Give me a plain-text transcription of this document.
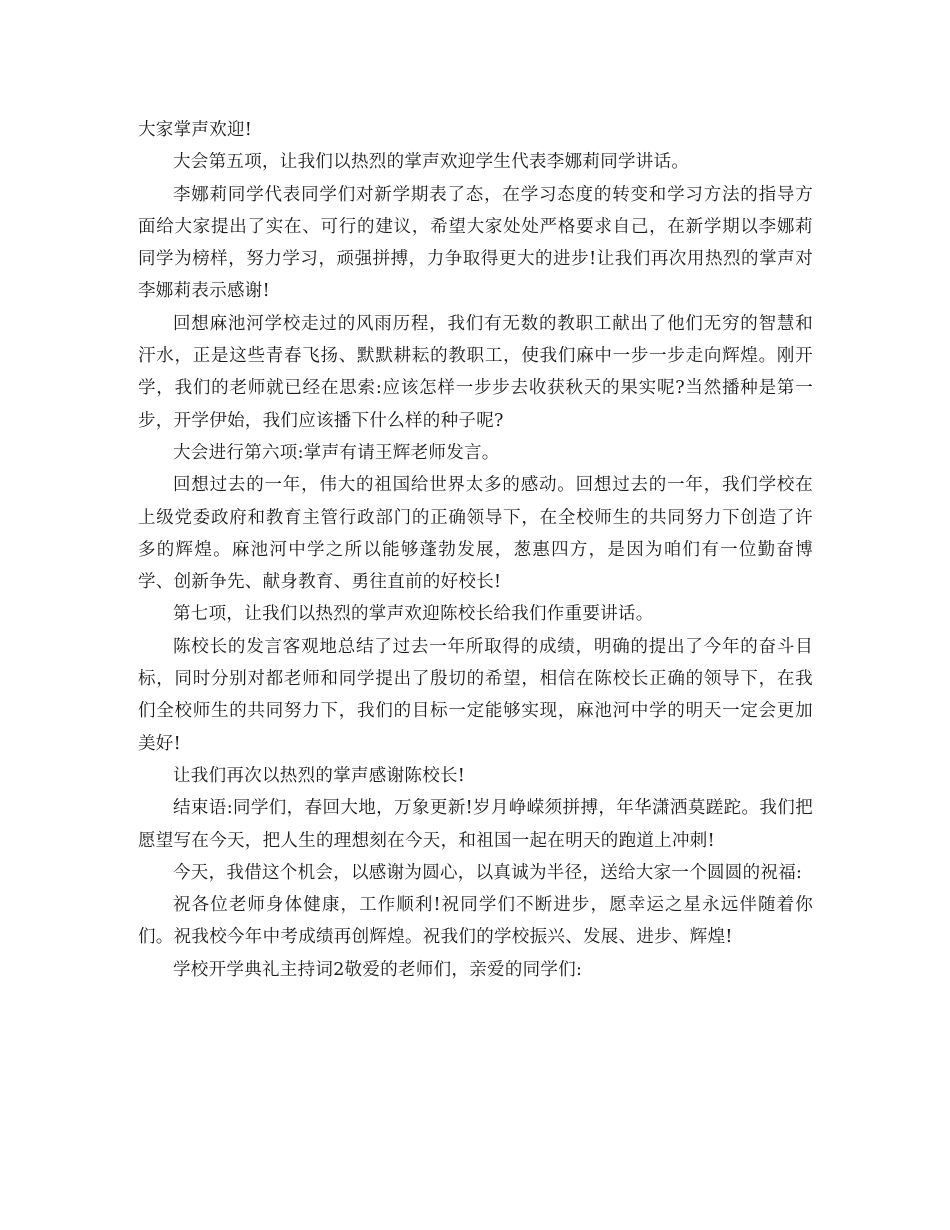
大家掌声欢迎!

大会第五项，让我们以热烈的掌声欢迎学生代表李娜莉同学讲话。

李娜莉同学代表同学们对新学期表了态，在学习态度的转变和学习方法的指导方面给大家提出了实在、可行的建议，希望大家处处严格要求自己，在新学期以李娜莉同学为榜样，努力学习，顽强拼搏，力争取得更大的进步!让我们再次用热烈的掌声对李娜莉表示感谢!

回想麻池河学校走过的风雨历程，我们有无数的教职工献出了他们无穷的智慧和汗水，正是这些青春飞扬、默默耕耘的教职工，使我们麻中一步一步走向辉煌。刚开学，我们的老师就已经在思索:应该怎样一步步去收获秋天的果实呢?当然播种是第一步，开学伊始，我们应该播下什么样的种子呢?

大会进行第六项:掌声有请王辉老师发言。

回想过去的一年，伟大的祖国给世界太多的感动。回想过去的一年，我们学校在上级党委政府和教育主管行政部门的正确领导下，在全校师生的共同努力下创造了许多的辉煌。麻池河中学之所以能够蓬勃发展，葱惠四方，是因为咱们有一位勤奋博学、创新争先、献身教育、勇往直前的好校长!

第七项，让我们以热烈的掌声欢迎陈校长给我们作重要讲话。

陈校长的发言客观地总结了过去一年所取得的成绩，明确的提出了今年的奋斗目标，同时分别对都老师和同学提出了殷切的希望，相信在陈校长正确的领导下，在我们全校师生的共同努力下，我们的目标一定能够实现，麻池河中学的明天一定会更加美好!

让我们再次以热烈的掌声感谢陈校长!

结束语:同学们，春回大地，万象更新!岁月峥嵘须拼搏，年华潇洒莫蹉跎。我们把愿望写在今天，把人生的理想刻在今天，和祖国一起在明天的跑道上冲刺!

今天，我借这个机会，以感谢为圆心，以真诚为半径，送给大家一个圆圆的祝福:

祝各位老师身体健康，工作顺利!祝同学们不断进步，愿幸运之星永远伴随着你们。祝我校今年中考成绩再创辉煌。祝我们的学校振兴、发展、进步、辉煌!

学校开学典礼主持词2敬爱的老师们，亲爱的同学们:
